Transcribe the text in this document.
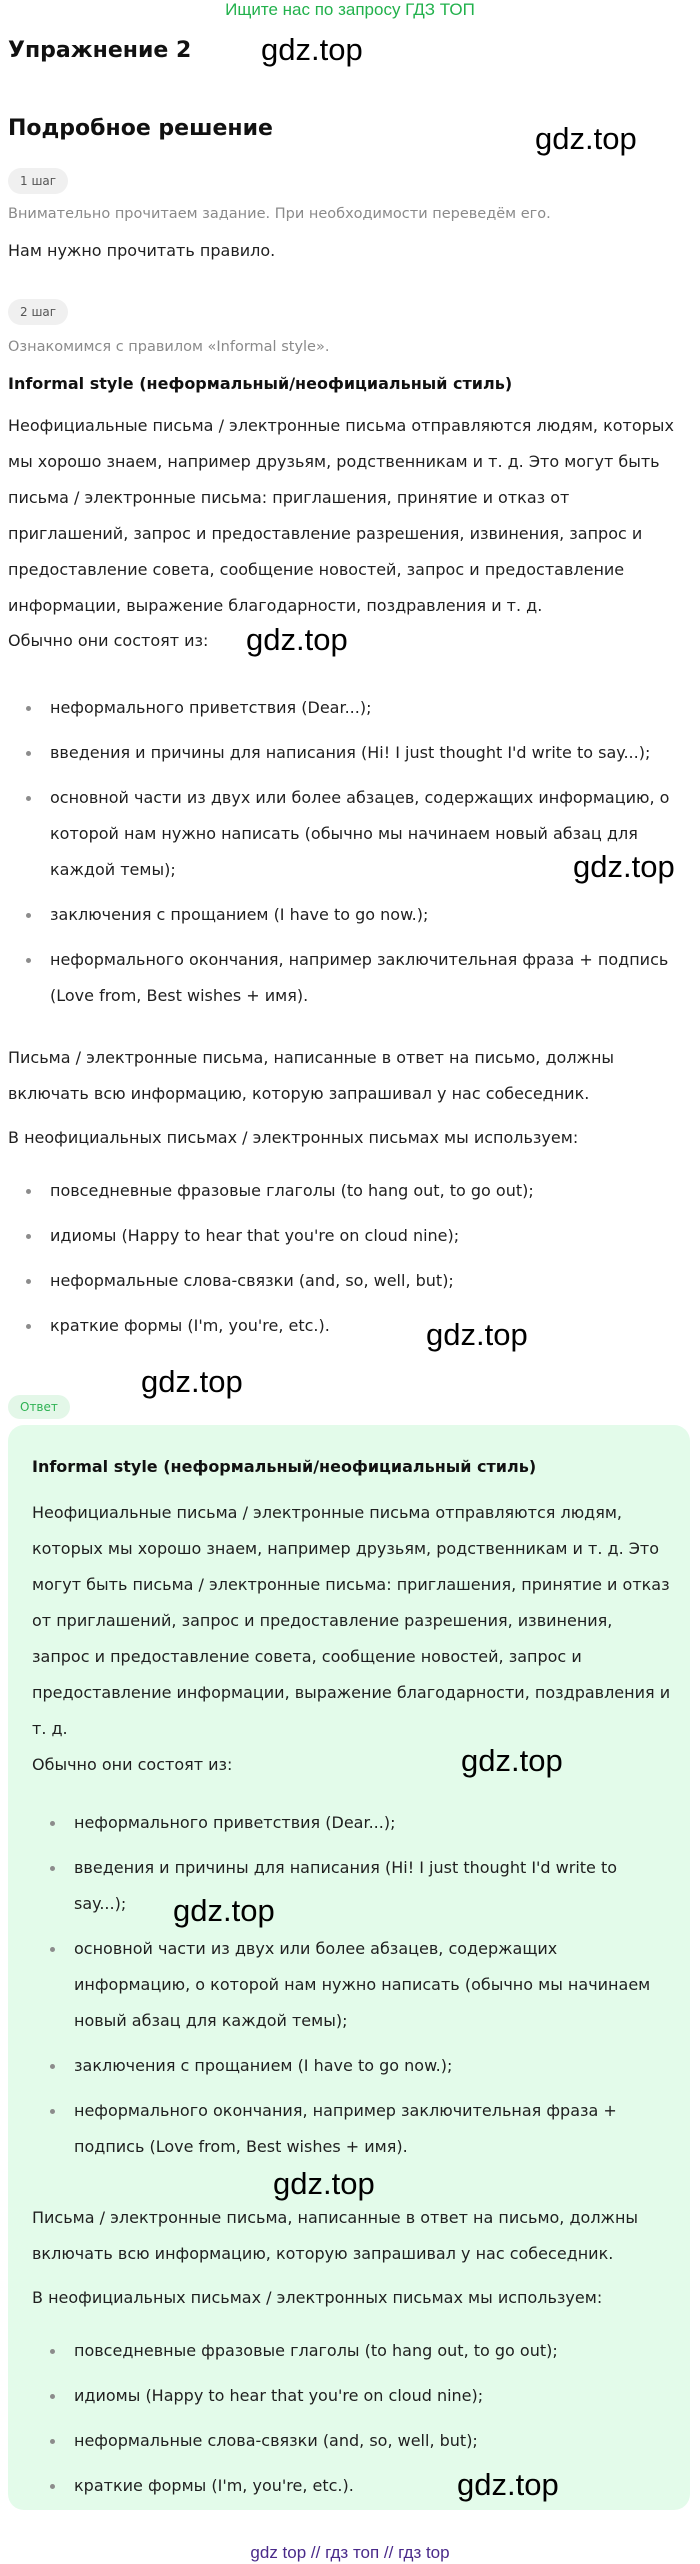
Ищите нас по запросу ГДЗ ТОП
Упражнение 2 gdz.top
Подробное решение	gdz.top
1 шаг
Внимательно прочитаем задание. При необходимости переведём его.
Нам нужно прочитать правило.
2 шаг
Ознакомимся с правилом «Informal style».
Informal style (неформальный/неофициальный стиль)
Неофициальные письма / электронные письма отправляются людям, которых мы хорошо знаем, например друзьям, родственникам и т. д. Это могут быть письма / электронные письма: приглашения, принятие и отказ от приглашений, запрос и предоставление разрешения, извинения, запрос и предоставление совета, сообщение новостей, запрос и предоставление информации, выражение благодарности, поздравления и т. д.
Обычно они состоят из:	gdz.top
неформального приветствия (Dear...);
введения и причины для написания (Hi! I just thought I'd write to say...);
основной части из двух или более абзацев, содержащих информацию, о которой нам нужно написать (обычно мы начинаем новый абзац для каждой темы);
заключения с прощанием (I have to go now.);
неформального окончания, например заключительная фраза + подпись (Love from, Best wishes + имя).
gdz.top
Письма / электронные письма, написанные в ответ на письмо, должны включать всю информацию, которую запрашивал у нас собеседник.
В неофициальных письмах / электронных письмах мы используем:
повседневные фразовые глаголы (to hang out, to go out);
идиомы (Happy to hear that you're on cloud nine);
неформальные слова-связки (and, so, well, but);
краткие формы (I'm, you're, etc.).	gdz.top
gdz.top
Ответ
Informal style (неформальный/неофициальный стиль)
Неофициальные письма / электронные письма отправляются людям, которых мы хорошо знаем, например друзьям, родственникам и т. д. Это могут быть письма / электронные письма: приглашения, принятие и отказ от приглашений, запрос и предоставление разрешения, извинения, запрос и предоставление совета, сообщение новостей, запрос и предоставление информации, выражение благодарности, поздравления и т. д.
Обычно они состоят из:
неформального приветствия (Dear...);
введения и причины для написания (Hi! I just thought I'd write to say...);
основной части из двух или более абзацев, содержащих информацию, о которой нам нужно написать (обычно мы начинаем новый абзац для каждой темы);
заключения с прощанием (I have to go now.);
неформального окончания, например заключительная фраза + подпись (Love from, Best wishes + имя).
Письма / электронные письма, написанные в ответ на письмо, должны включать всю информацию, которую запрашивал у нас собеседник.
В неофициальных письмах / электронных письмах мы используем:
повседневные фразовые глаголы (to hang out, to go out);
идиомы (Happy to hear that you're on cloud nine);
неформальные слова-связки (and, so, well, but);
краткие формы (I'm, you're, etc.).
gdz.top
gdz.top
gdz.top
gdz.top
gdz top // гдз топ // гдз top
